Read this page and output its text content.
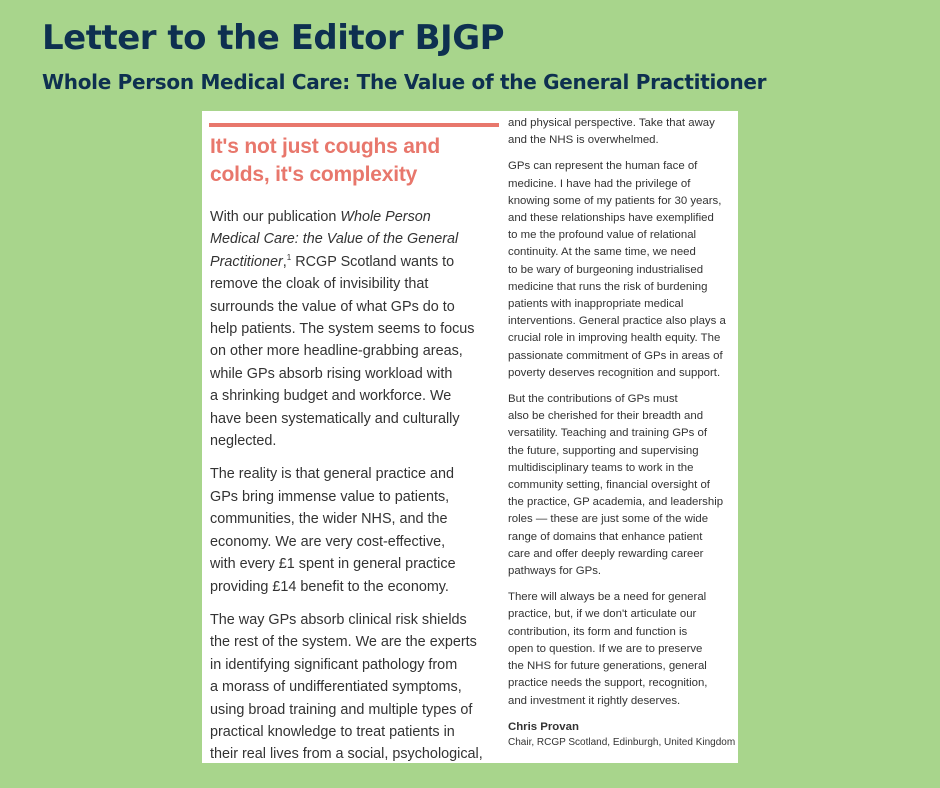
Letter to the Editor BJGP
Whole Person Medical Care: The Value of the General Practitioner
It's not just coughs and
colds, it's complexity
With our publication Whole Person
Medical Care: the Value of the General
Practitioner,$^1$ RCGP Scotland wants to
remove the cloak of invisibility that
surrounds the value of what GPs do to
help patients. The system seems to focus
on other more headline-grabbing areas,
while GPs absorb rising workload with
a shrinking budget and workforce. We
have been systematically and culturally
neglected.
The reality is that general practice and
GPs bring immense value to patients,
communities, the wider NHS, and the
economy. We are very cost-effective,
with every £1 spent in general practice
providing £14 benefit to the economy.
The way GPs absorb clinical risk shields
the rest of the system. We are the experts
in identifying significant pathology from
a morass of undifferentiated symptoms,
using broad training and multiple types of
practical knowledge to treat patients in
their real lives from a social, psychological,
and physical perspective. Take that away
and the NHS is overwhelmed.
GPs can represent the human face of
medicine. I have had the privilege of
knowing some of my patients for 30 years,
and these relationships have exemplified
to me the profound value of relational
continuity. At the same time, we need
to be wary of burgeoning industrialised
medicine that runs the risk of burdening
patients with inappropriate medical
interventions. General practice also plays a
crucial role in improving health equity. The
passionate commitment of GPs in areas of
poverty deserves recognition and support.
But the contributions of GPs must
also be cherished for their breadth and
versatility. Teaching and training GPs of
the future, supporting and supervising
multidisciplinary teams to work in the
community setting, financial oversight of
the practice, GP academia, and leadership
roles — these are just some of the wide
range of domains that enhance patient
care and offer deeply rewarding career
pathways for GPs.
There will always be a need for general
practice, but, if we don't articulate our
contribution, its form and function is
open to question. If we are to preserve
the NHS for future generations, general
practice needs the support, recognition,
and investment it rightly deserves.
Chris Provan
Chair, RCGP Scotland, Edinburgh, United Kingdom
